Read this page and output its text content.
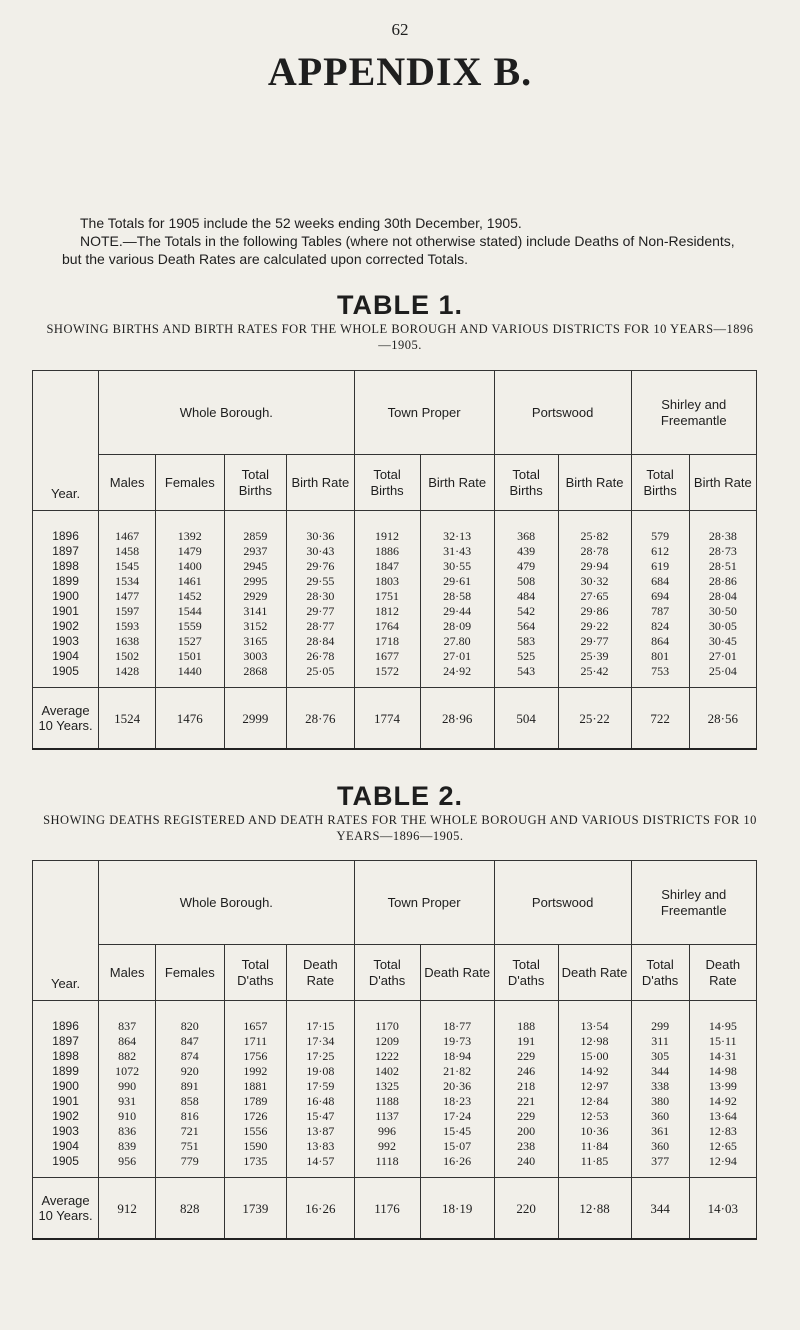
62
APPENDIX B.

The Totals for 1905 include the 52 weeks ending 30th December, 1905.

NOTE.—The Totals in the following Tables (where not otherwise stated) include Deaths of Non-Residents, but the various Death Rates are calculated upon corrected Totals.

TABLE 1.
SHOWING BIRTHS AND BIRTH RATES FOR THE WHOLE BOROUGH AND VARIOUS DISTRICTS FOR 10 YEARS—1896—1905.
Year.	Whole Borough.				Town Proper		Portswood		Shirley and Freemantle	
	Males	Females	Total Births	Birth Rate	Total Births	Birth Rate	Total Births	Birth Rate	Total Births	Birth Rate
1896	1467	1392	2859	30·36	1912	32·13	368	25·82	579	28·38
1897	1458	1479	2937	30·43	1886	31·43	439	28·78	612	28·73
1898	1545	1400	2945	29·76	1847	30·55	479	29·94	619	28·51
1899	1534	1461	2995	29·55	1803	29·61	508	30·32	684	28·86
1900	1477	1452	2929	28·30	1751	28·58	484	27·65	694	28·04
1901	1597	1544	3141	29·77	1812	29·44	542	29·86	787	30·50
1902	1593	1559	3152	28·77	1764	28·09	564	29·22	824	30·05
1903	1638	1527	3165	28·84	1718	27.80	583	29·77	864	30·45
1904	1502	1501	3003	26·78	1677	27·01	525	25·39	801	27·01
1905	1428	1440	2868	25·05	1572	24·92	543	25·42	753	25·04
Average 10 Years.	1524	1476	2999	28·76	1774	28·96	504	25·22	722	28·56
TABLE 2.
SHOWING DEATHS REGISTERED AND DEATH RATES FOR THE WHOLE BOROUGH AND VARIOUS DISTRICTS FOR 10 YEARS—1896—1905.
Year.	Whole Borough.				Town Proper		Portswood		Shirley and Freemantle	
	Males	Females	Total D'aths	Death Rate	Total D'aths	Death Rate	Total D'aths	Death Rate	Total D'aths	Death Rate
1896	837	820	1657	17·15	1170	18·77	188	13·54	299	14·95
1897	864	847	1711	17·34	1209	19·73	191	12·98	311	15·11
1898	882	874	1756	17·25	1222	18·94	229	15·00	305	14·31
1899	1072	920	1992	19·08	1402	21·82	246	14·92	344	14·98
1900	990	891	1881	17·59	1325	20·36	218	12·97	338	13·99
1901	931	858	1789	16·48	1188	18·23	221	12·84	380	14·92
1902	910	816	1726	15·47	1137	17·24	229	12·53	360	13·64
1903	836	721	1556	13·87	996	15·45	200	10·36	361	12·83
1904	839	751	1590	13·83	992	15·07	238	11·84	360	12·65
1905	956	779	1735	14·57	1118	16·26	240	11·85	377	12·94
Average 10 Years.	912	828	1739	16·26	1176	18·19	220	12·88	344	14·03
